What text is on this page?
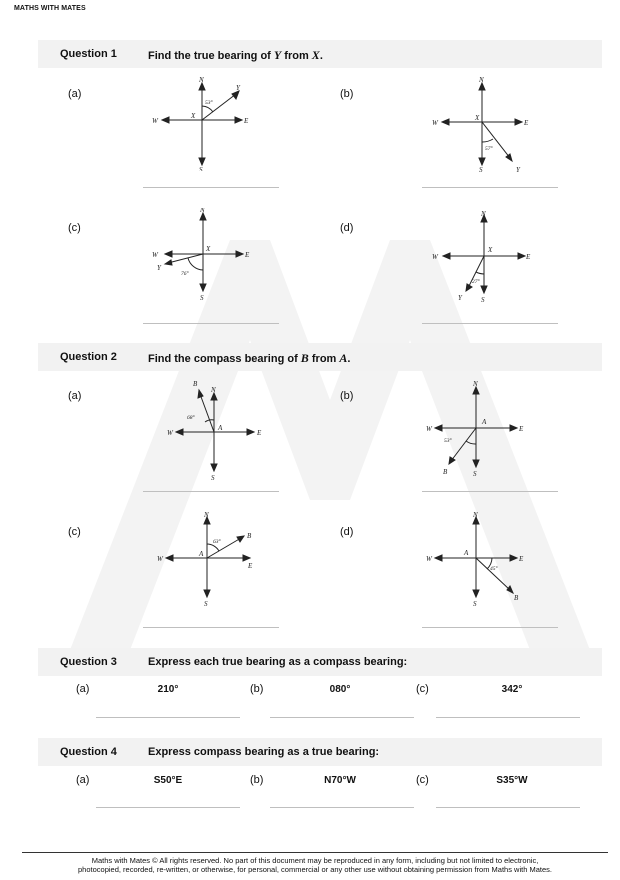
MATHS WITH MATES
Question 1	Find the true bearing of Y from X.
(a)	(b)
(c)	(d)
N
S
E
W
X
Y
53°
N
S
E
W
X
Y
57°
N
S
E
W
X
Y
76°
N
S
E
W
X
Y
27°
Question 2	Find the compass bearing of B from A.
(a)	(b)
(c)	(d)
N
S
E
W
A
B
68°
N
S
E
W
A
B
53°
N
S
E
W
A
B
63°
N
S
E
W
A
B
45°
Question 3	Express each true bearing as a compass bearing:
(a)	210°	(b)	080°	(c)	342°
Question 4	Express compass bearing as a true bearing:
(a)	S50°E	(b)	N70°W	(c)	S35°W
Maths with Mates © All rights reserved. No part of this document may be reproduced in any form, including but not limited to electronic,
photocopied, recorded, re-written, or otherwise, for personal, commercial or any other use without obtaining permission from Maths with Mates.
